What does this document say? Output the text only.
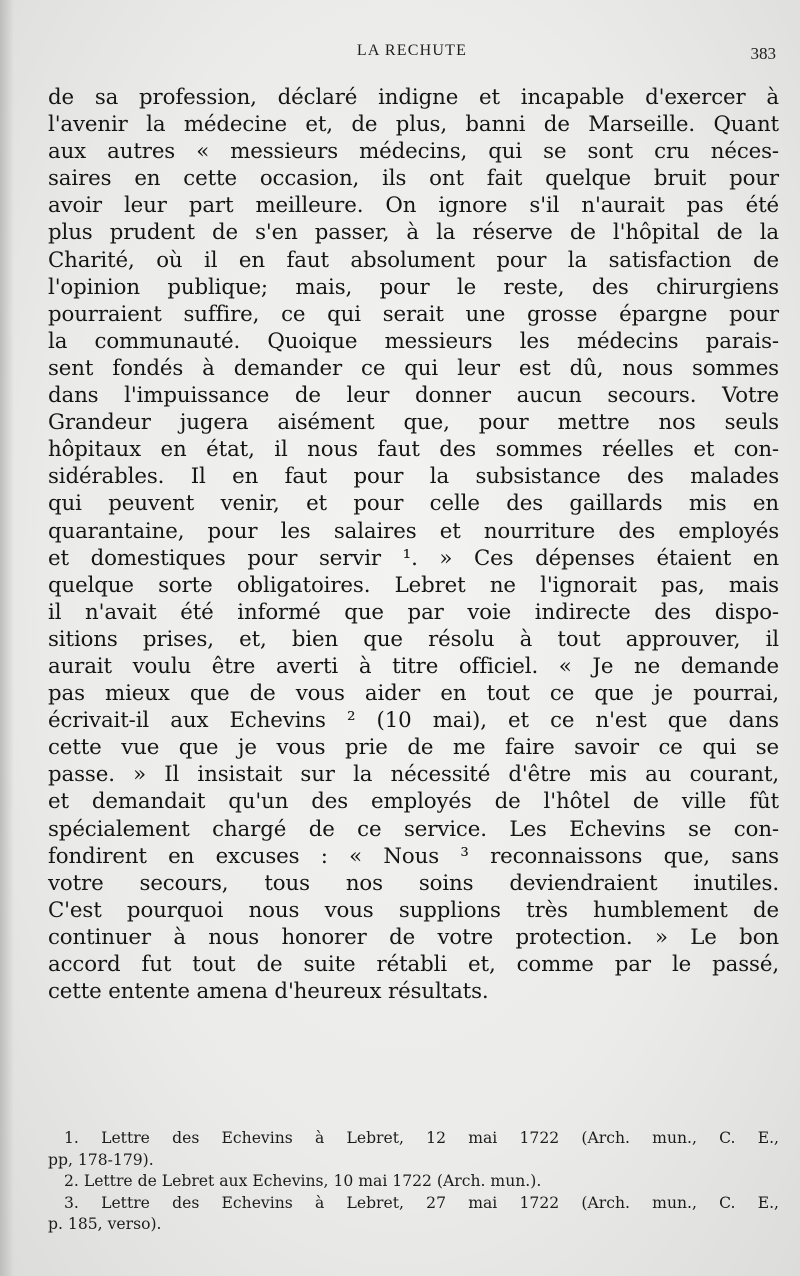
LA RECHUTE	383
de sa profession, déclaré indigne et incapable d'exercer à
l'avenir la médecine et, de plus, banni de Marseille. Quant
aux autres « messieurs médecins, qui se sont cru néces-
saires en cette occasion, ils ont fait quelque bruit pour
avoir leur part meilleure. On ignore s'il n'aurait pas été
plus prudent de s'en passer, à la réserve de l'hôpital de la
Charité, où il en faut absolument pour la satisfaction de
l'opinion publique; mais, pour le reste, des chirurgiens
pourraient suffire, ce qui serait une grosse épargne pour
la communauté. Quoique messieurs les médecins parais-
sent fondés à demander ce qui leur est dû, nous sommes
dans l'impuissance de leur donner aucun secours. Votre
Grandeur jugera aisément que, pour mettre nos seuls
hôpitaux en état, il nous faut des sommes réelles et con-
sidérables. Il en faut pour la subsistance des malades
qui peuvent venir, et pour celle des gaillards mis en
quarantaine, pour les salaires et nourriture des employés
et domestiques pour servir ¹. » Ces dépenses étaient en
quelque sorte obligatoires. Lebret ne l'ignorait pas, mais
il n'avait été informé que par voie indirecte des dispo-
sitions prises, et, bien que résolu à tout approuver, il
aurait voulu être averti à titre officiel. « Je ne demande
pas mieux que de vous aider en tout ce que je pourrai,
écrivait-il aux Echevins ² (10 mai), et ce n'est que dans
cette vue que je vous prie de me faire savoir ce qui se
passe. » Il insistait sur la nécessité d'être mis au courant,
et demandait qu'un des employés de l'hôtel de ville fût
spécialement chargé de ce service. Les Echevins se con-
fondirent en excuses : « Nous ³ reconnaissons que, sans
votre secours, tous nos soins deviendraient inutiles.
C'est pourquoi nous vous supplions très humblement de
continuer à nous honorer de votre protection. » Le bon
accord fut tout de suite rétabli et, comme par le passé,
cette entente amena d'heureux résultats.
1. Lettre des Echevins à Lebret, 12 mai 1722 (Arch. mun., C. E.,
pp, 178-179).
2. Lettre de Lebret aux Echevins, 10 mai 1722 (Arch. mun.).
3. Lettre des Echevins à Lebret, 27 mai 1722 (Arch. mun., C. E.,
p. 185, verso).
